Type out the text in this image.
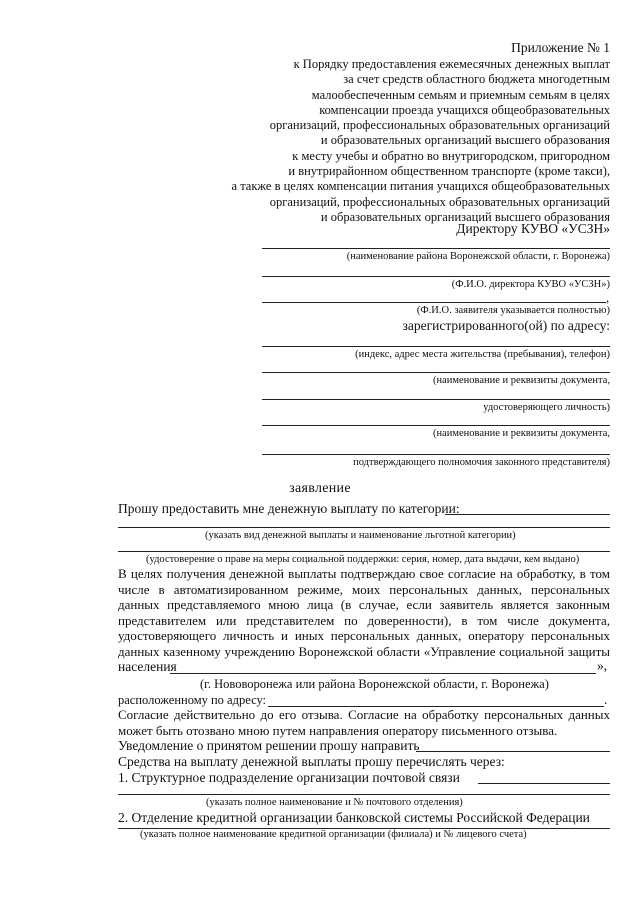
Приложение № 1
к Порядку предоставления ежемесячных денежных выплат
за счет средств областного бюджета многодетным
малообеспеченным семьям и приемным семьям в целях
компенсации проезда учащихся общеобразовательных
организаций, профессиональных образовательных организаций
и образовательных организаций высшего образования
к месту учебы и обратно во внутригородском, пригородном
и внутрирайонном общественном транспорте (кроме такси),
а также в целях компенсации питания учащихся общеобразовательных
организаций, профессиональных образовательных организаций
и образовательных организаций высшего образования
Директору КУВО «УСЗН»
(наименование района Воронежской области, г. Воронежа)
(Ф.И.О. директора КУВО «УСЗН»)
,
(Ф.И.О. заявителя указывается полностью)
зарегистрированного(ой) по адресу:
(индекс, адрес места жительства (пребывания), телефон)
(наименование и реквизиты документа,
удостоверяющего личность)
(наименование и реквизиты документа,
подтверждающего полномочия законного представителя)
заявление
Прошу предоставить мне денежную выплату по категории:
(указать вид денежной выплаты и наименование льготной категории)
(удостоверение о праве на меры социальной поддержки: серия, номер, дата выдачи, кем выдано)
В целях получения денежной выплаты подтверждаю свое согласие на обработку, в том
числе в автоматизированном режиме, моих персональных данных, персональных
данных представляемого мною лица (в случае, если заявитель является законным
представителем или представителем по доверенности), в том числе документа,
удостоверяющего личность и иных персональных данных, оператору персональных
данных казенному учреждению Воронежской области «Управление социальной защиты
населения	»,
(г. Нововоронежа или района Воронежской области, г. Воронежа)
расположенному по адресу:	.
Согласие действительно до его отзыва. Согласие на обработку персональных данных
может быть отозвано мною путем направления оператору письменного отзыва.
Уведомление о принятом решении прошу направить
Средства на выплату денежной выплаты прошу перечислять через:
1. Структурное подразделение организации почтовой связи
(указать полное наименование и № почтового отделения)
2. Отделение кредитной организации банковской системы Российской Федерации
(указать полное наименование кредитной организации (филиала) и № лицевого счета)
